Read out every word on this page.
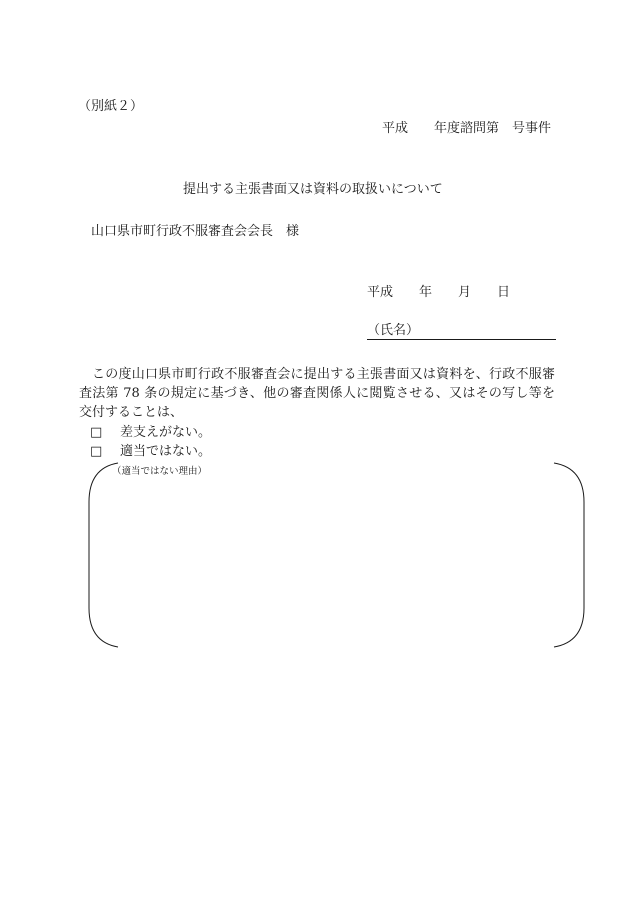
（別紙２）
平成　　年度諮問第　号事件
提出する主張書面又は資料の取扱いについて
山口県市町行政不服審査会会長　様
平成　　年　　月　　日
（氏名）
この度山口県市町行政不服審査会に提出する主張書面又は資料を、行政不服審査法第 78 条の規定に基づき、他の審査関係人に閲覧させる、又はその写し等を交付することは、
□ 差支えがない。
□ 適当ではない。
（適当ではない理由）
